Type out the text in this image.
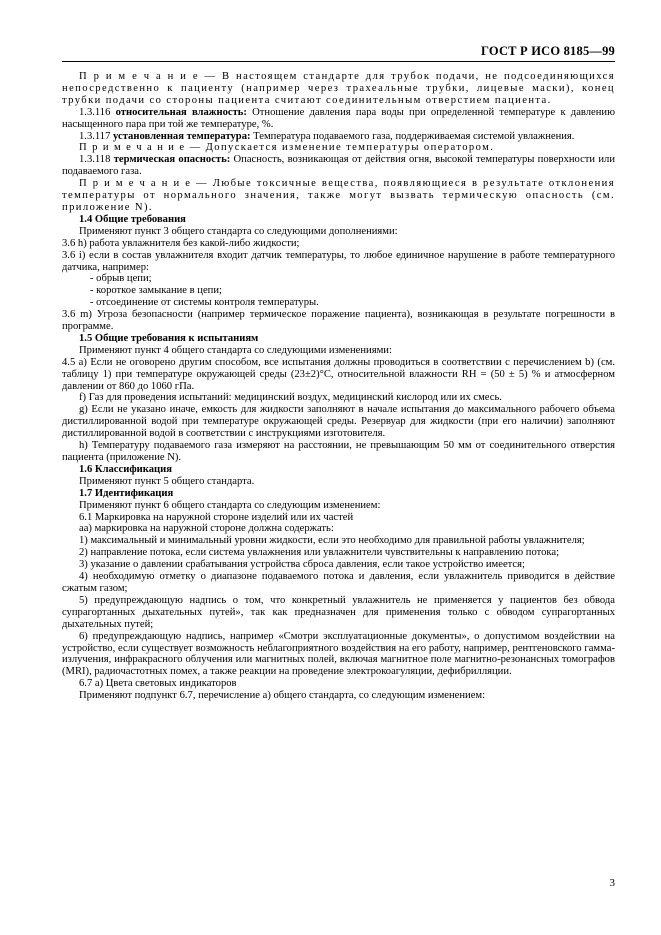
ГОСТ Р ИСО 8185—99

П р и м е ч а н и е — В настоящем стандарте для трубок подачи, не подсоединяющихся непосредственно к пациенту (например через трахеальные трубки, лицевые маски), конец трубки подачи со стороны пациента считают соединительным отверстием пациента.

1.3.116 относительная влажность: Отношение давления пара воды при определенной температуре к давлению насыщенного пара при той же температуре, %.

1.3.117 установленная температура: Температура подаваемого газа, поддерживаемая системой увлажнения.

П р и м е ч а н и е — Допускается изменение температуры оператором.

1.3.118 термическая опасность: Опасность, возникающая от действия огня, высокой температуры поверхности или подаваемого газа.

П р и м е ч а н и е — Любые токсичные вещества, появляющиеся в результате отклонения температуры от нормального значения, также могут вызвать термическую опасность (см. приложение N).

1.4 Общие требования

Применяют пункт 3 общего стандарта со следующими дополнениями:

3.6 h) работа увлажнителя без какой-либо жидкости;

3.6 i) если в состав увлажнителя входит датчик температуры, то любое единичное нарушение в работе температурного датчика, например:

- обрыв цепи;

- короткое замыкание в цепи;

- отсоединение от системы контроля температуры.

3.6 m) Угроза безопасности (например термическое поражение пациента), возникающая в результате погрешности в программе.

1.5 Общие требования к испытаниям

Применяют пункт 4 общего стандарта со следующими изменениями:

4.5 a) Если не оговорено другим способом, все испытания должны проводиться в соответствии с перечислением b) (см. таблицу 1) при температуре окружающей среды (23±2)°С, относительной влажности RH = (50 ± 5) % и атмосферном давлении от 860 до 1060 гПа.

f) Газ для проведения испытаний: медицинский воздух, медицинский кислород или их смесь.

g) Если не указано иначе, емкость для жидкости заполняют в начале испытания до максимального рабочего объема дистиллированной водой при температуре окружающей среды. Резервуар для жидкости (при его наличии) заполняют дистиллированной водой в соответствии с инструкциями изготовителя.

h) Температуру подаваемого газа измеряют на расстоянии, не превышающим 50 мм от соединительного отверстия пациента (приложение N).

1.6 Классификация

Применяют пункт 5 общего стандарта.

1.7 Идентификация

Применяют пункт 6 общего стандарта со следующим изменением:

6.1 Маркировка на наружной стороне изделий или их частей

aa) маркировка на наружной стороне должна содержать:

1) максимальный и минимальный уровни жидкости, если это необходимо для правильной работы увлажнителя;

2) направление потока, если система увлажнения или увлажнители чувствительны к направлению потока;

3) указание о давлении срабатывания устройства сброса давления, если такое устройство имеется;

4) необходимую отметку о диапазоне подаваемого потока и давления, если увлажнитель приводится в действие сжатым газом;

5) предупреждающую надпись о том, что конкретный увлажнитель не применяется у пациентов без обвода супрагортанных дыхательных путей», так как предназначен для применения только с обводом супрагортанных дыхательных путей;

6) предупреждающую надпись, например «Смотри эксплуатационные документы», о допустимом воздействии на устройство, если существует возможность неблагоприятного воздействия на его работу, например, рентгеновского гамма-излучения, инфракрасного облучения или магнитных полей, включая магнитное поле магнитно-резонансных томографов (MRI), радиочастотных помех, а также реакции на проведение электрокоагуляции, дефибрилляции.

6.7 a) Цвета световых индикаторов

Применяют подпункт 6.7, перечисление a) общего стандарта, со следующим изменением:

3
